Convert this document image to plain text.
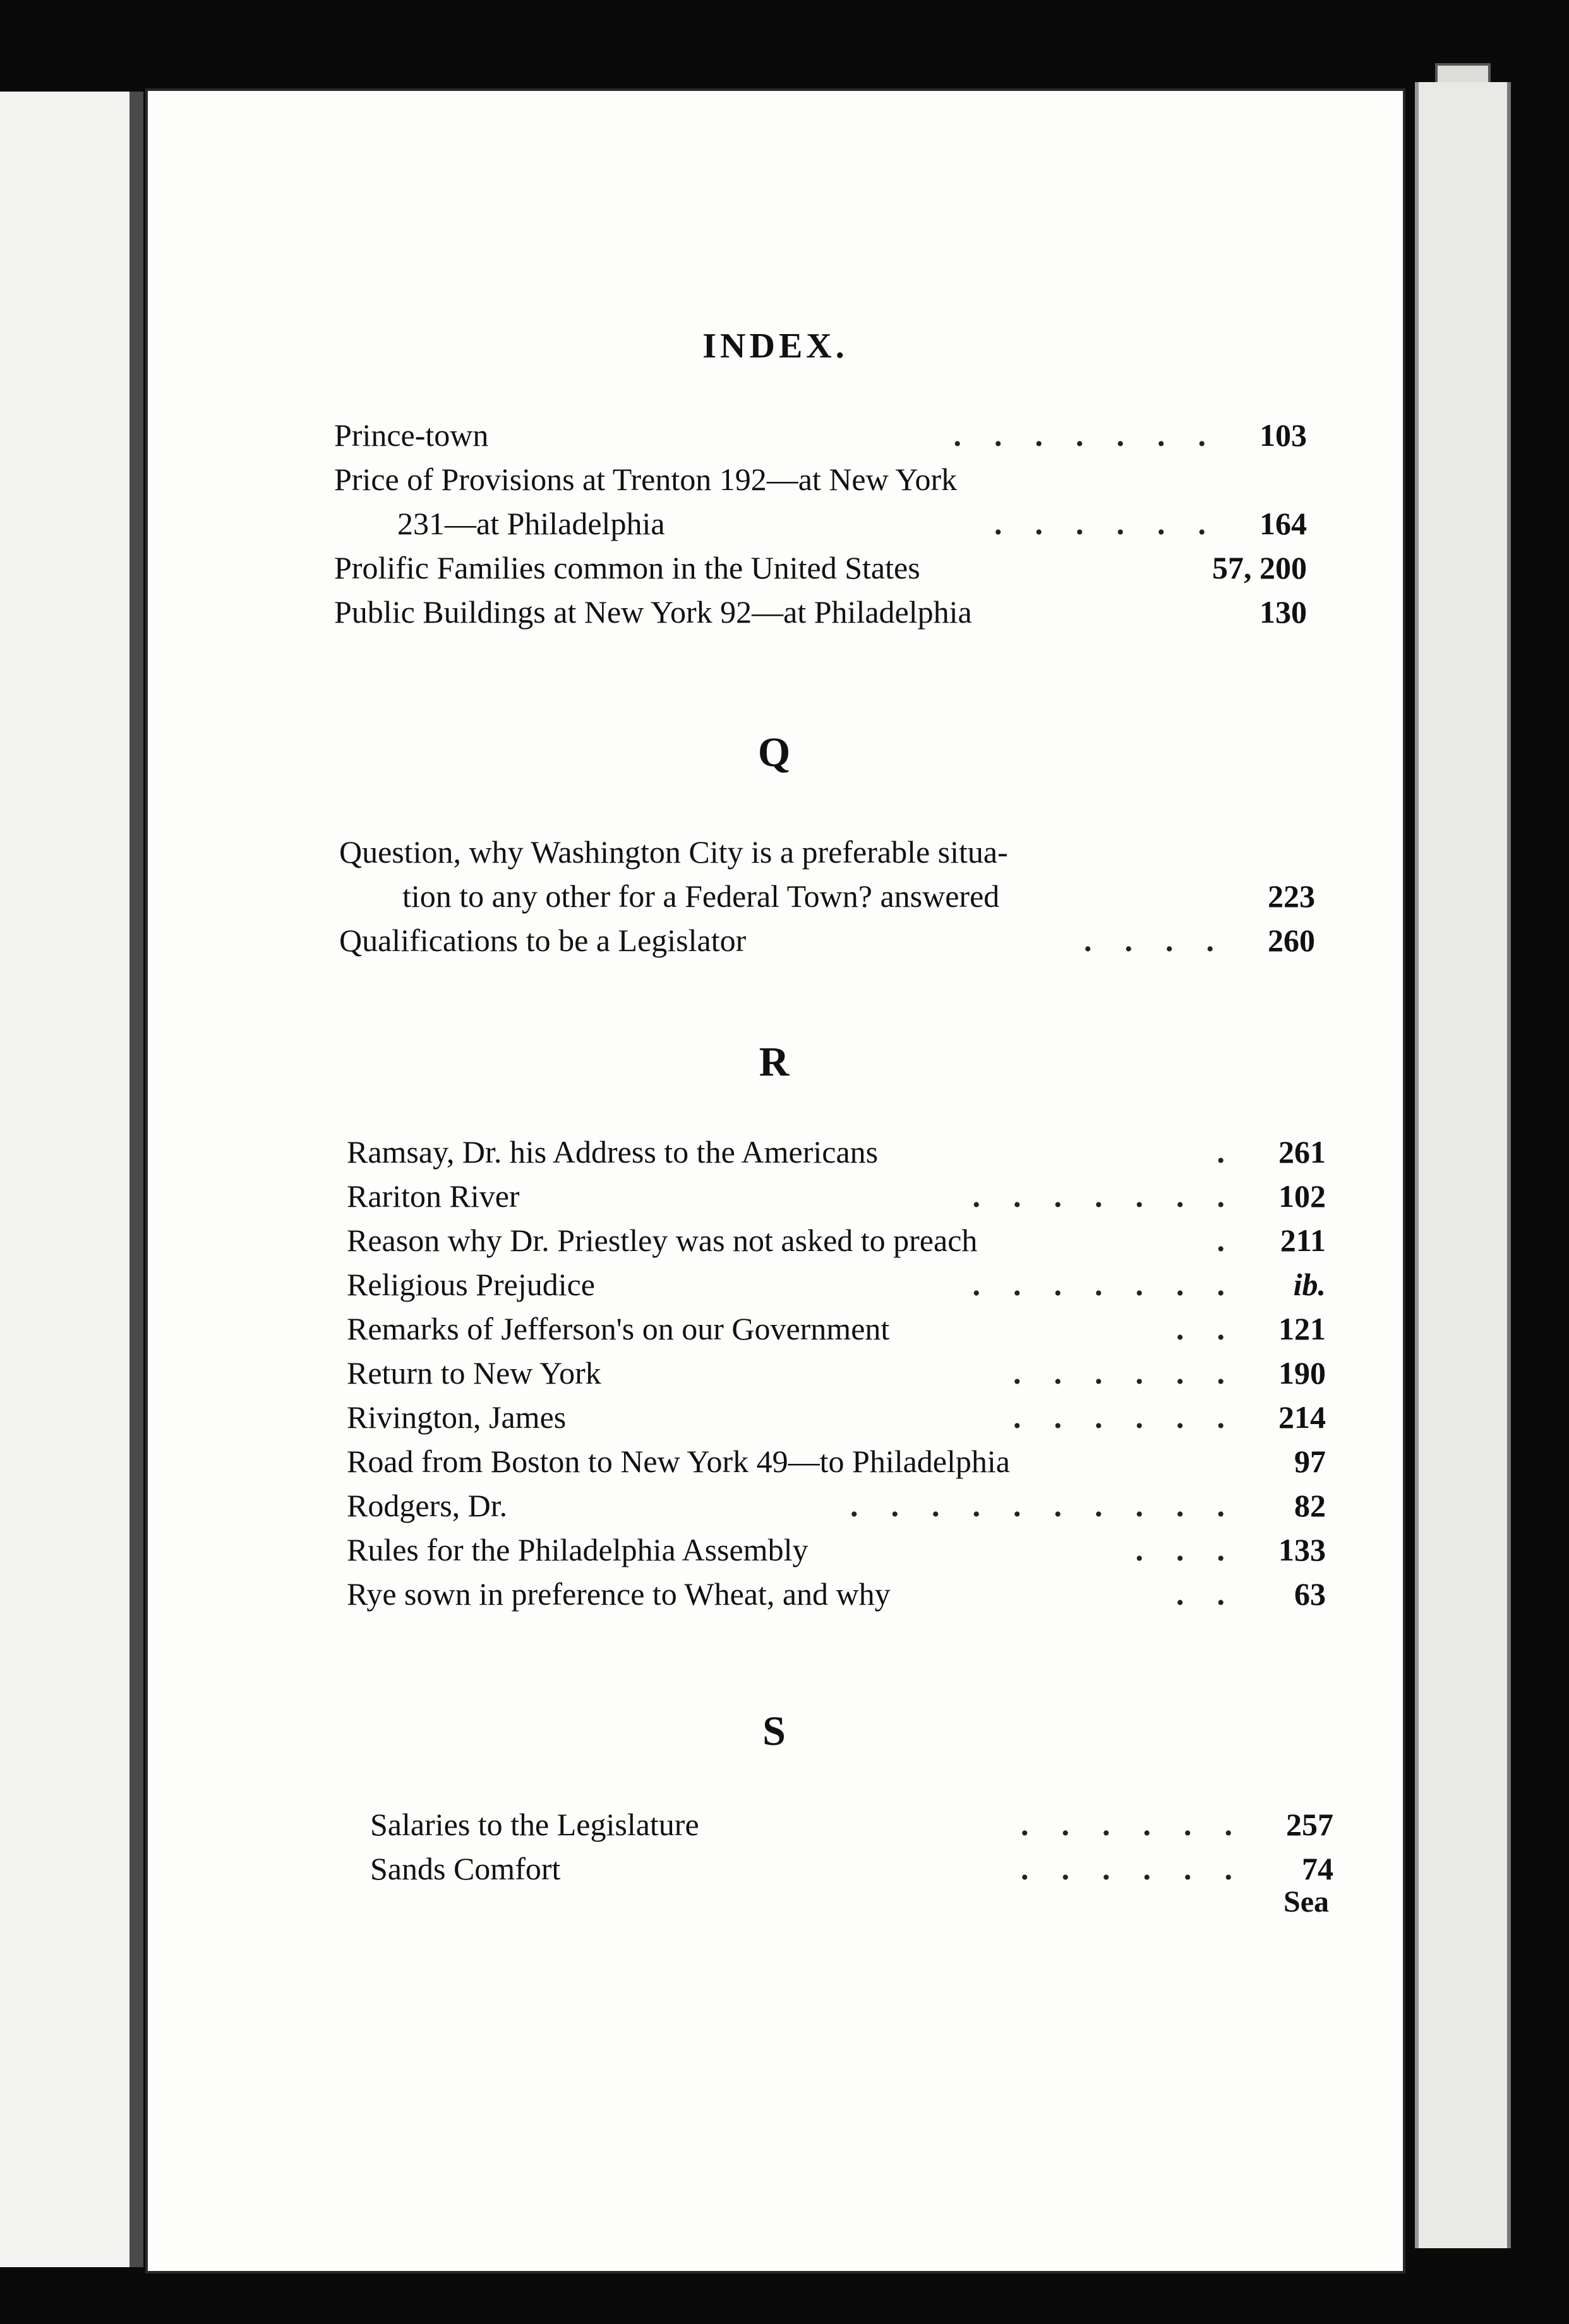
INDEX.
Prince-town	....... 103
Price of Provisions at Trenton 192—at New York
231—at Philadelphia	...... 164
Prolific Families common in the United States	57, 200
Public Buildings at New York 92—at Philadelphia	130
Q
Question, why Washington City is a preferable situa-
tion to any other for a Federal Town? answered	223
Qualifications to be a Legislator	.... 260
R
Ramsay, Dr. his Address to the Americans	. 261
Rariton River	....... 102
Reason why Dr. Priestley was not asked to preach	. 211
Religious Prejudice	.......	ib.
Remarks of Jefferson's on our Government	.. 121
Return to New York	...... 190
Rivington, James	...... 214
Road from Boston to New York 49—to Philadelphia	97
Rodgers, Dr.	..........	82
Rules for the Philadelphia Assembly	... 133
Rye sown in preference to Wheat, and why	..	63
S
Salaries to the Legislature	...... 257
Sands Comfort	......	74
Sea
